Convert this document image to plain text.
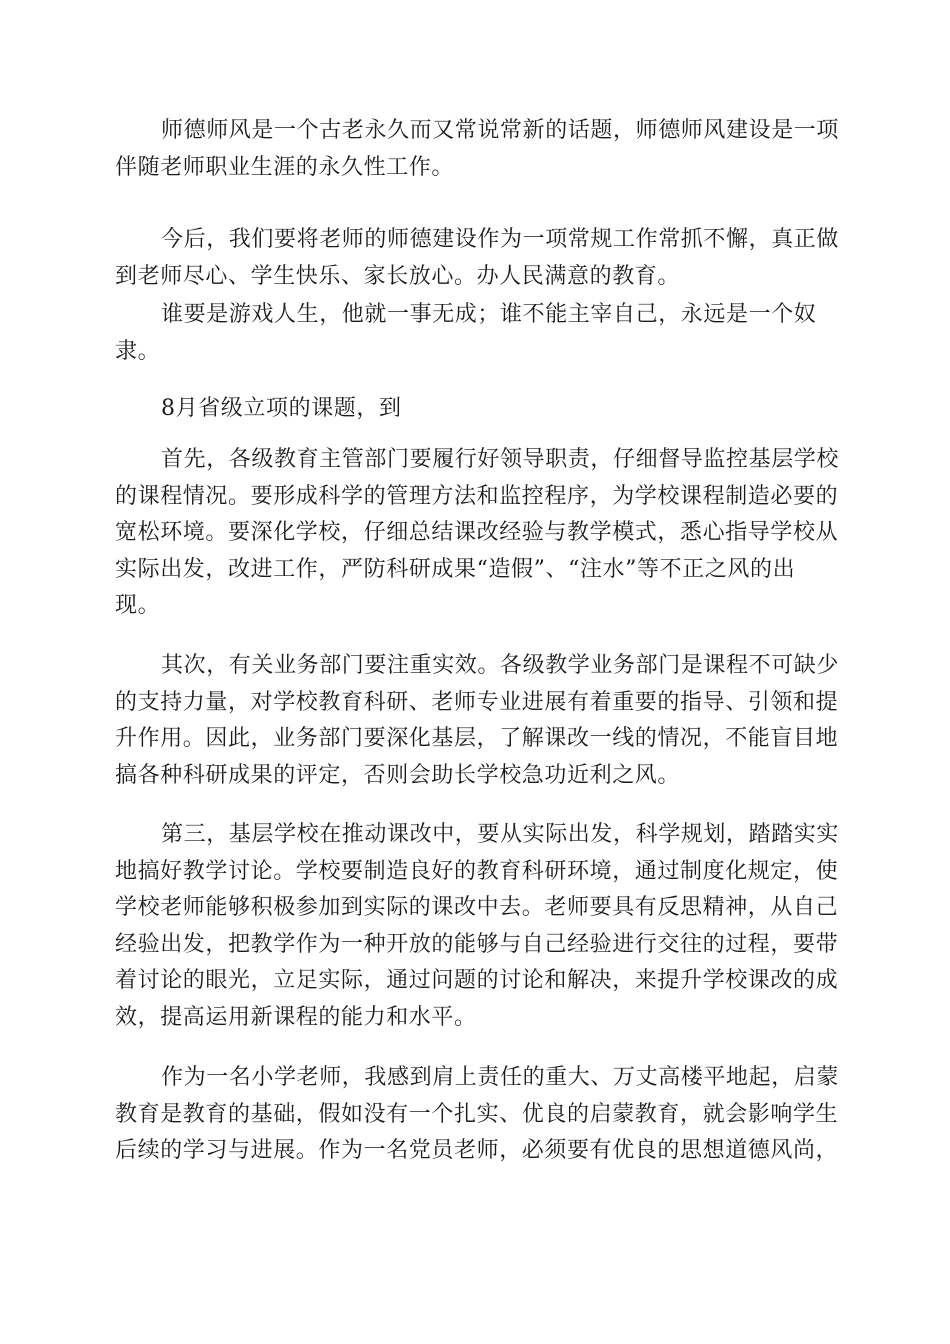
师德师风是一个古老永久而又常说常新的话题，师德师风建设是一项
伴随老师职业生涯的永久性工作。
今后，我们要将老师的师德建设作为一项常规工作常抓不懈，真正做
到老师尽心、学生快乐、家长放心。办人民满意的教育。
谁要是游戏人生，他就一事无成；谁不能主宰自己，永远是一个奴
隶。
8月省级立项的课题，到
首先，各级教育主管部门要履行好领导职责，仔细督导监控基层学校
的课程情况。要形成科学的管理方法和监控程序，为学校课程制造必要的
宽松环境。要深化学校，仔细总结课改经验与教学模式，悉心指导学校从
实际出发，改进工作，严防科研成果“造假”、“注水”等不正之风的出
现。
其次，有关业务部门要注重实效。各级教学业务部门是课程不可缺少
的支持力量，对学校教育科研、老师专业进展有着重要的指导、引领和提
升作用。因此，业务部门要深化基层，了解课改一线的情况，不能盲目地
搞各种科研成果的评定，否则会助长学校急功近利之风。
第三，基层学校在推动课改中，要从实际出发，科学规划，踏踏实实
地搞好教学讨论。学校要制造良好的教育科研环境，通过制度化规定，使
学校老师能够积极参加到实际的课改中去。老师要具有反思精神，从自己
经验出发，把教学作为一种开放的能够与自己经验进行交往的过程，要带
着讨论的眼光，立足实际，通过问题的讨论和解决，来提升学校课改的成
效，提高运用新课程的能力和水平。
作为一名小学老师，我感到肩上责任的重大、万丈高楼平地起，启蒙
教育是教育的基础，假如没有一个扎实、优良的启蒙教育，就会影响学生
后续的学习与进展。作为一名党员老师，必须要有优良的思想道德风尚，
